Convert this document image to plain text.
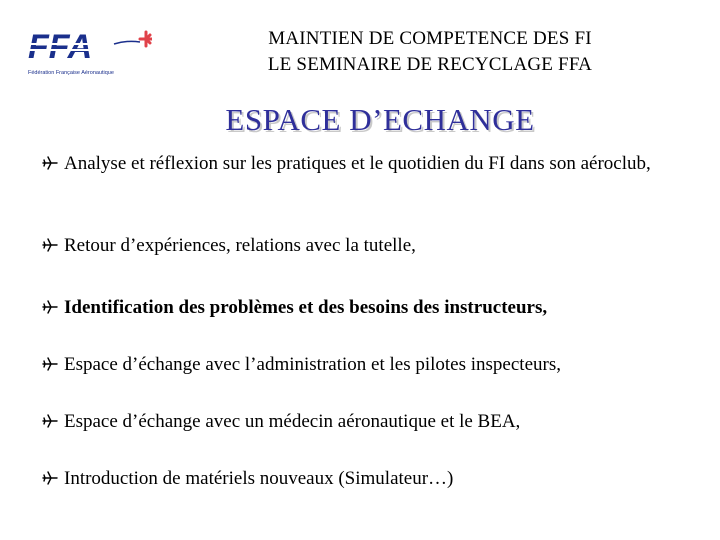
FFA
Fédération Française Aéronautique
MAINTIEN DE COMPETENCE DES FI
LE SEMINAIRE DE RECYCLAGE FFA
ESPACE D’ECHANGE
Analyse et réflexion sur les pratiques et le quotidien du FI dans son aéroclub,
Retour d’expériences, relations avec la tutelle,
Identification des problèmes et des besoins des instructeurs,
Espace d’échange avec l’administration et les pilotes inspecteurs,
Espace d’échange avec un médecin aéronautique et le BEA,
Introduction de matériels nouveaux (Simulateur…)
